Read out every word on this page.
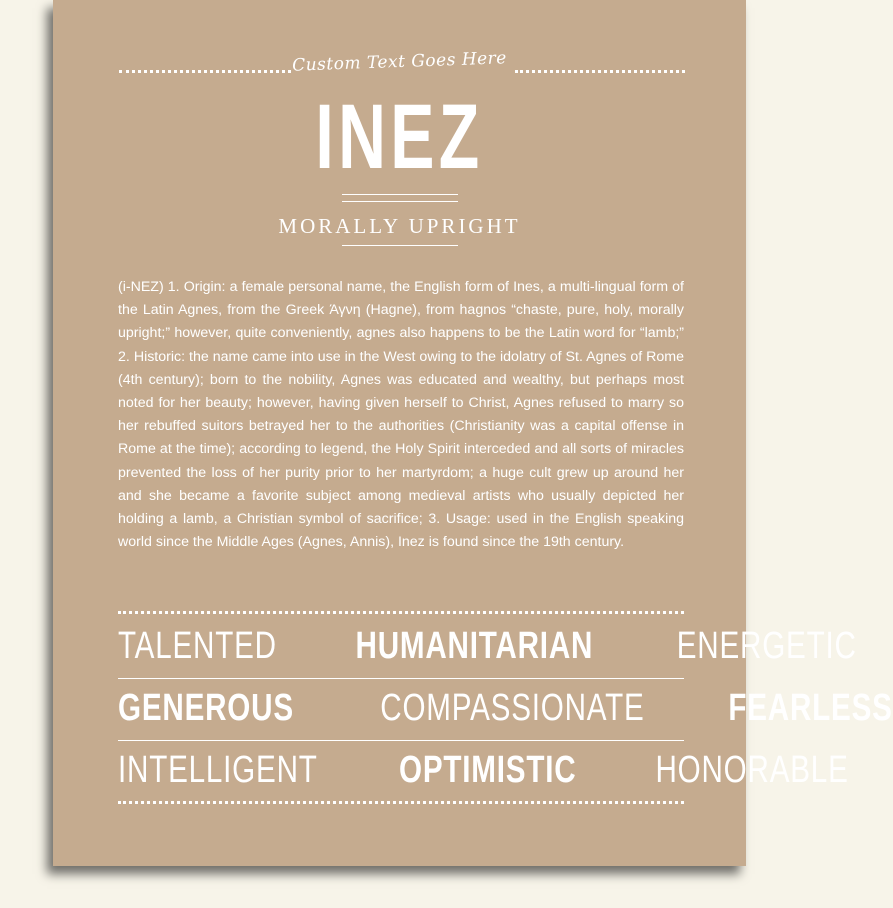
Custom Text Goes Here
INEZ
MORALLY UPRIGHT
(i-NEZ) 1. Origin: a female personal name, the English form of Ines, a multi-lingual form of the Latin Agnes, from the Greek Άγνη (Hagne), from hagnos “chaste, pure, holy, morally upright;” however, quite conveniently, agnes also happens to be the Latin word for “lamb;” 2. Historic: the name came into use in the West owing to the idolatry of St. Agnes of Rome (4th century); born to the nobility, Agnes was educated and wealthy, but perhaps most noted for her beauty; however, having given herself to Christ, Agnes refused to marry so her rebuffed suitors betrayed her to the authorities (Christianity was a capital offense in Rome at the time); according to legend, the Holy Spirit interceded and all sorts of miracles prevented the loss of her purity prior to her martyrdom; a huge cult grew up around her and she became a favorite subject among medieval artists who usually depicted her holding a lamb, a Christian symbol of sacrifice; 3. Usage: used in the English speaking world since the Middle Ages (Agnes, Annis), Inez is found since the 19th century.
TALENTED HUMANITARIAN ENERGETIC
GENEROUS COMPASSIONATE FEARLESS
INTELLIGENT OPTIMISTIC HONORABLE
